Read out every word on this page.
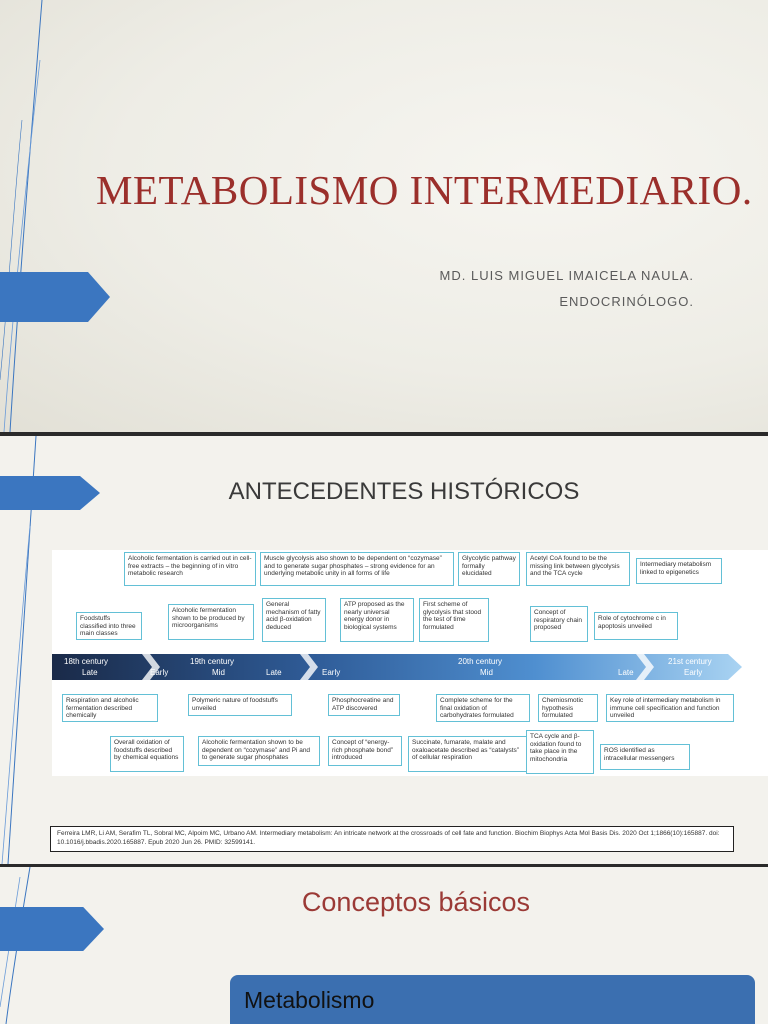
METABOLISMO INTERMEDIARIO.
MD. LUIS MIGUEL IMAICELA NAULA.
ENDOCRINÓLOGO.
ANTECEDENTES HISTÓRICOS
Alcoholic fermentation is carried out in cell-free extracts – the beginning of in vitro metabolic research
Muscle glycolysis also shown to be dependent on “cozymase” and to generate sugar phosphates – strong evidence for an underlying metabolic unity in all forms of life
Glycolytic pathway formally elucidated
Acetyl CoA found to be the missing link between glycolysis and the TCA cycle
Intermediary metabolism linked to epigenetics
Foodstuffs classified into three main classes
Alcoholic fermentation shown to be produced by microorganisms
General mechanism of fatty acid β-oxidation deduced
ATP proposed as the nearly universal energy donor in biological systems
First scheme of glycolysis that stood the test of time formulated
Concept of respiratory chain proposed
Role of cytochrome c in apoptosis unveiled
18th century
Late	Early
19th century
Mid	Late	Early
20th century
Mid	Late
21st century
Early
Respiration and alcoholic fermentation described chemically
Polymeric nature of foodstuffs unveiled
Phosphocreatine and ATP discovered
Complete scheme for the final oxidation of carbohydrates formulated
Chemiosmotic hypothesis formulated
Key role of intermediary metabolism in immune cell specification and function unveiled
Overall oxidation of foodstuffs described by chemical equations
Alcoholic fermentation shown to be dependent on “cozymase” and Pi and to generate sugar phosphates
Concept of “energy-rich phosphate bond” introduced
Succinate, fumarate, malate and oxaloacetate described as “catalysts” of cellular respiration
TCA cycle and β-oxidation found to take place in the mitochondria
ROS identified as intracellular messengers
Ferreira LMR, Li AM, Serafim TL, Sobral MC, Alpoim MC, Urbano AM. Intermediary metabolism: An intricate network at the crossroads of cell fate and function. Biochim Biophys Acta Mol Basis Dis. 2020 Oct 1;1866(10):165887. doi: 10.1016/j.bbadis.2020.165887. Epub 2020 Jun 26. PMID: 32599141.
Conceptos básicos
Metabolismo
